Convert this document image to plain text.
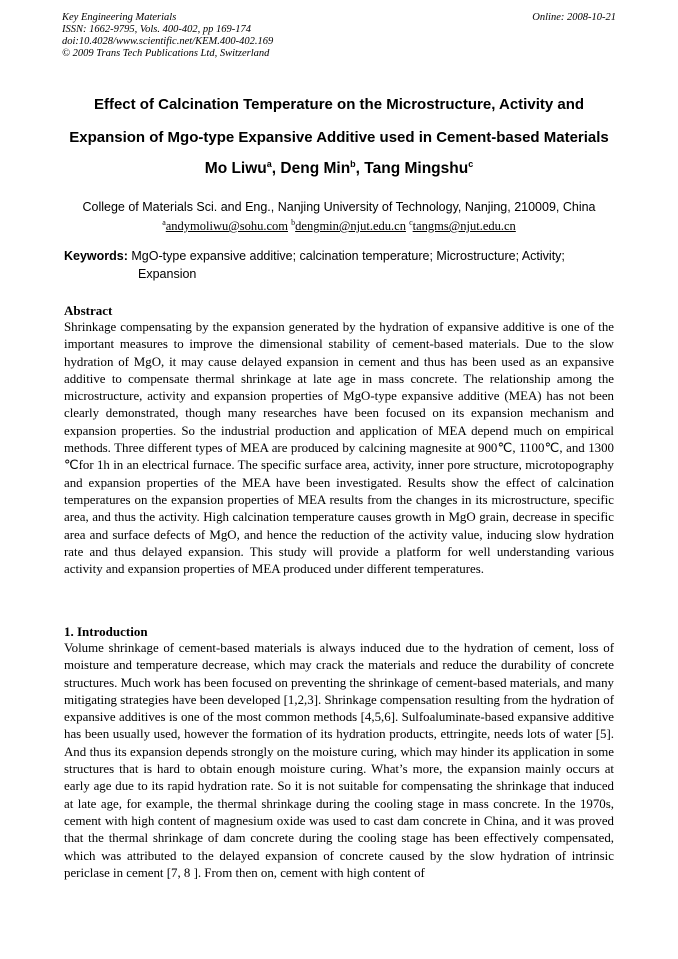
Key Engineering Materials
ISSN: 1662-9795, Vols. 400-402, pp 169-174
doi:10.4028/www.scientific.net/KEM.400-402.169
© 2009 Trans Tech Publications Ltd, Switzerland
Online: 2008-10-21
Effect of Calcination Temperature on the Microstructure, Activity and
Expansion of Mgo-type Expansive Additive used in Cement-based Materials
Mo Liwu$^a$, Deng Min$^b$, Tang Mingshu$^c$
College of Materials Sci. and Eng., Nanjing University of Technology, Nanjing, 210009, China
$^a$andymoliwu@sohu.com $^b$dengmin@njut.edu.cn $^c$tangms@njut.edu.cn
Keywords: MgO-type expansive additive; calcination temperature; Microstructure; Activity;
Expansion
Abstract
Shrinkage compensating by the expansion generated by the hydration of expansive additive is one of the important measures to improve the dimensional stability of cement-based materials. Due to the slow hydration of MgO, it may cause delayed expansion in cement and thus has been used as an expansive additive to compensate thermal shrinkage at late age in mass concrete. The relationship among the microstructure, activity and expansion properties of MgO-type expansive additive (MEA) has not been clearly demonstrated, though many researches have been focused on its expansion mechanism and expansion properties. So the industrial production and application of MEA depend much on empirical methods. Three different types of MEA are produced by calcining magnesite at 900℃, 1100℃, and 1300 ℃for 1h in an electrical furnace. The specific surface area, activity, inner pore structure, microtopography and expansion properties of the MEA have been investigated. Results show the effect of calcination temperatures on the expansion properties of MEA results from the changes in its microstructure, specific area, and thus the activity. High calcination temperature causes growth in MgO grain, decrease in specific area and surface defects of MgO, and hence the reduction of the activity value, inducing slow hydration rate and thus delayed expansion. This study will provide a platform for well understanding various activity and expansion properties of MEA produced under different temperatures.
1. Introduction
Volume shrinkage of cement-based materials is always induced due to the hydration of cement, loss of moisture and temperature decrease, which may crack the materials and reduce the durability of concrete structures. Much work has been focused on preventing the shrinkage of cement-based materials, and many mitigating strategies have been developed [1,2,3]. Shrinkage compensation resulting from the hydration of expansive additives is one of the most common methods [4,5,6]. Sulfoaluminate-based expansive additive has been usually used, however the formation of its hydration products, ettringite, needs lots of water [5]. And thus its expansion depends strongly on the moisture curing, which may hinder its application in some structures that is hard to obtain enough moisture curing. What’s more, the expansion mainly occurs at early age due to its rapid hydration rate. So it is not suitable for compensating the shrinkage that induced at late age, for example, the thermal shrinkage during the cooling stage in mass concrete. In the 1970s, cement with high content of magnesium oxide was used to cast dam concrete in China, and it was proved that the thermal shrinkage of dam concrete during the cooling stage has been effectively compensated, which was attributed to the delayed expansion of concrete caused by the slow hydration of intrinsic periclase in cement [7, 8 ]. From then on, cement with high content of
